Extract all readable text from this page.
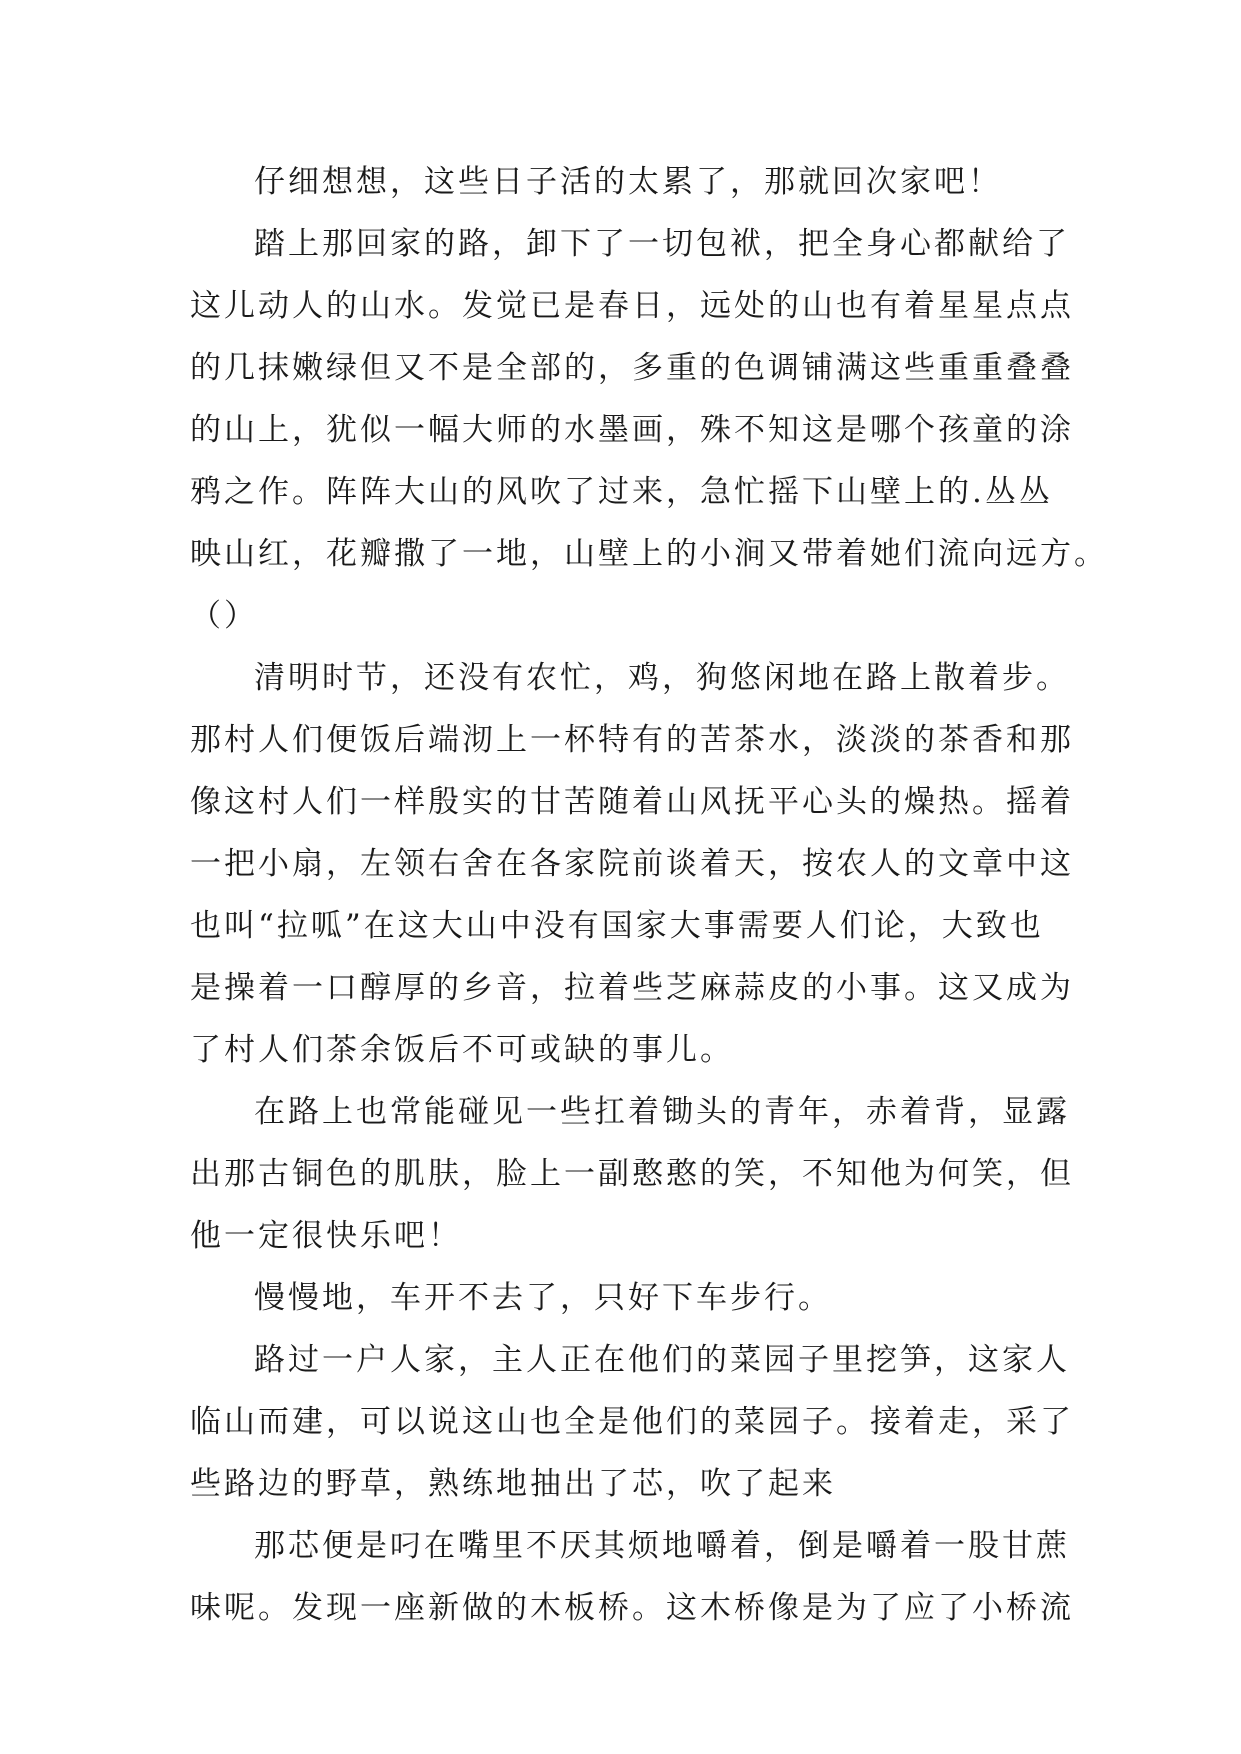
仔细想想，这些日子活的太累了，那就回次家吧！
踏上那回家的路，卸下了一切包袱，把全身心都献给了
这儿动人的山水。发觉已是春日，远处的山也有着星星点点
的几抹嫩绿但又不是全部的，多重的色调铺满这些重重叠叠
的山上，犹似一幅大师的水墨画，殊不知这是哪个孩童的涂
鸦之作。阵阵大山的风吹了过来，急忙摇下山壁上的.丛丛
映山红，花瓣撒了一地，山壁上的小涧又带着她们流向远方。
（）
清明时节，还没有农忙，鸡，狗悠闲地在路上散着步。
那村人们便饭后端沏上一杯特有的苦茶水，淡淡的茶香和那
像这村人们一样殷实的甘苦随着山风抚平心头的燥热。摇着
一把小扇，左领右舍在各家院前谈着天，按农人的文章中这
也叫“拉呱”在这大山中没有国家大事需要人们论，大致也
是操着一口醇厚的乡音，拉着些芝麻蒜皮的小事。这又成为
了村人们茶余饭后不可或缺的事儿。
在路上也常能碰见一些扛着锄头的青年，赤着背，显露
出那古铜色的肌肤，脸上一副憨憨的笑，不知他为何笑，但
他一定很快乐吧！
慢慢地，车开不去了，只好下车步行。
路过一户人家，主人正在他们的菜园子里挖笋，这家人
临山而建，可以说这山也全是他们的菜园子。接着走，采了
些路边的野草，熟练地抽出了芯，吹了起来
那芯便是叼在嘴里不厌其烦地嚼着，倒是嚼着一股甘蔗
味呢。发现一座新做的木板桥。这木桥像是为了应了小桥流
